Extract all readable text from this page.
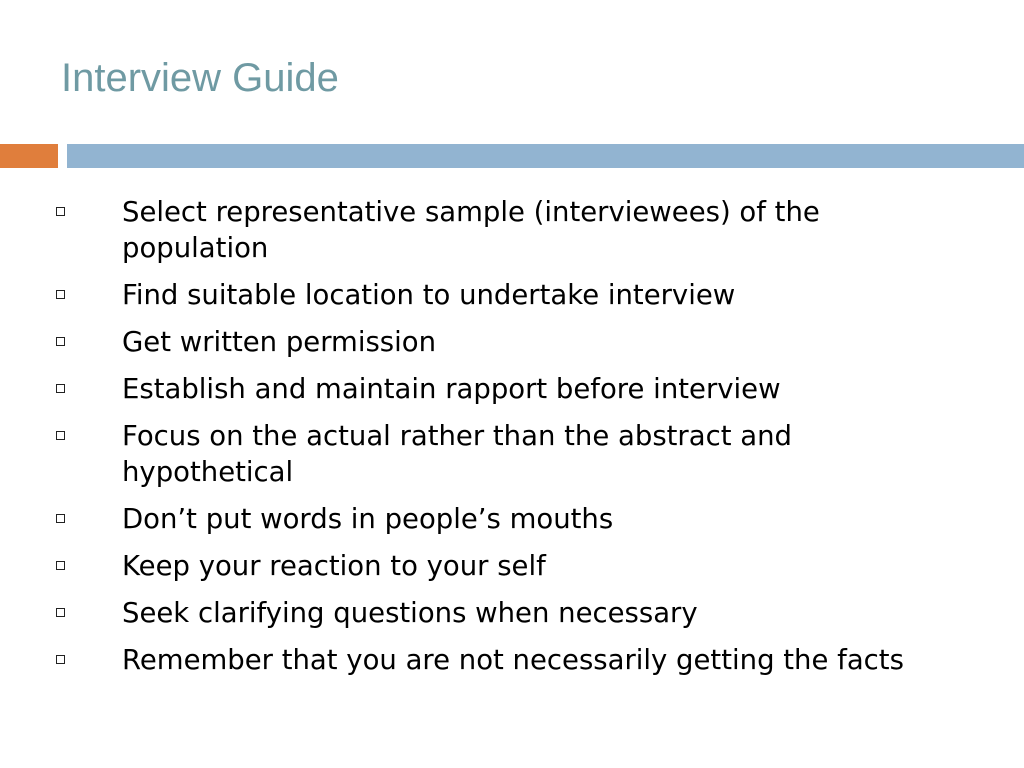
Interview Guide
Select representative sample (interviewees) of the population
Find suitable location to undertake interview
Get written permission
Establish and maintain rapport before interview
Focus on the actual rather than the abstract and hypothetical
Don’t put words in people’s mouths
Keep your reaction to your self
Seek clarifying questions when necessary
Remember that you are not necessarily getting the facts
